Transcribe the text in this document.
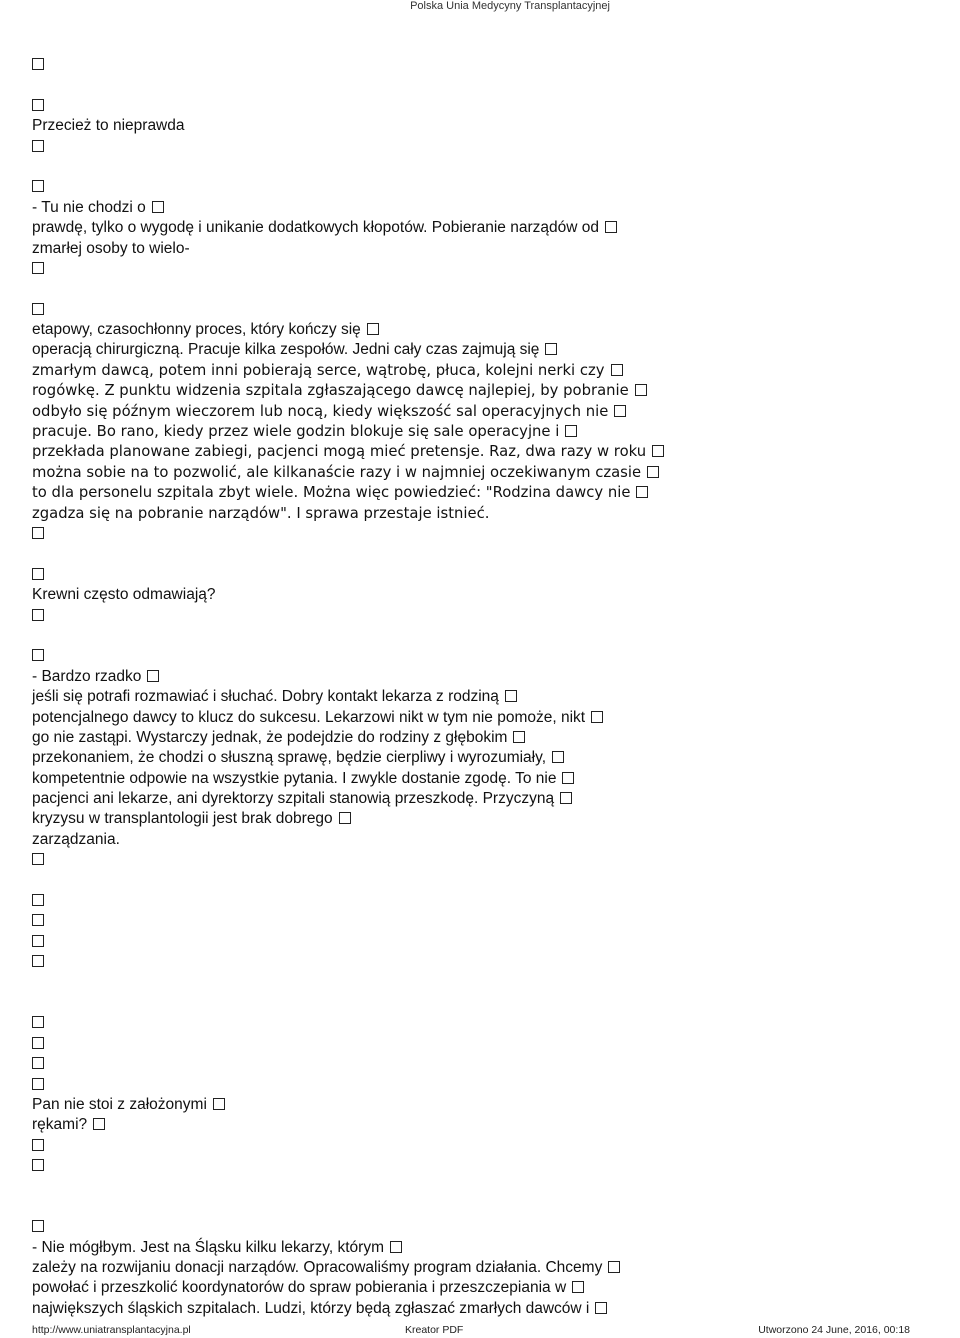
Polska Unia Medycyny Transplantacyjnej
Przecież to nieprawda
- Tu nie chodzi o
prawdę, tylko o wygodę i unikanie dodatkowych kłopotów. Pobieranie narządów od
zmarłej osoby to wielo-
etapowy, czasochłonny proces, który kończy się
operacją chirurgiczną. Pracuje kilka zespołów. Jedni cały czas zajmują się
zmarłym dawcą, potem inni pobierają serce, wątrobę, płuca, kolejni nerki czy
rogówkę. Z punktu widzenia szpitala zgłaszającego dawcę najlepiej, by pobranie
odbyło się późnym wieczorem lub nocą, kiedy większość sal operacyjnych nie
pracuje. Bo rano, kiedy przez wiele godzin blokuje się sale operacyjne i
przekłada planowane zabiegi, pacjenci mogą mieć pretensje. Raz, dwa razy w roku
można sobie na to pozwolić, ale kilkanaście razy i w najmniej oczekiwanym czasie
to dla personelu szpitala zbyt wiele. Można więc powiedzieć: "Rodzina dawcy nie
zgadza się na pobranie narządów". I sprawa przestaje istnieć.
Krewni często odmawiają?
- Bardzo rzadko
jeśli się potrafi rozmawiać i słuchać. Dobry kontakt lekarza z rodziną
potencjalnego dawcy to klucz do sukcesu. Lekarzowi nikt w tym nie pomoże, nikt
go nie zastąpi. Wystarczy jednak, że podejdzie do rodziny z głębokim
przekonaniem, że chodzi o słuszną sprawę, będzie cierpliwy i wyrozumiały,
kompetentnie odpowie na wszystkie pytania. I zwykle dostanie zgodę. To nie
pacjenci ani lekarze, ani dyrektorzy szpitali stanowią przeszkodę. Przyczyną
kryzysu w transplantologii jest brak dobrego
zarządzania.
Pan nie stoi z założonymi
rękami?
- Nie mógłbym. Jest na Śląsku kilku lekarzy, którym
zależy na rozwijaniu donacji narządów. Opracowaliśmy program działania. Chcemy
powołać i przeszkolić koordynatorów do spraw pobierania i przeszczepiania w
największych śląskich szpitalach. Ludzi, którzy będą zgłaszać zmarłych dawców i
http://www.uniatransplantacyjna.pl	Kreator PDF	Utworzono 24 June, 2016, 00:18
